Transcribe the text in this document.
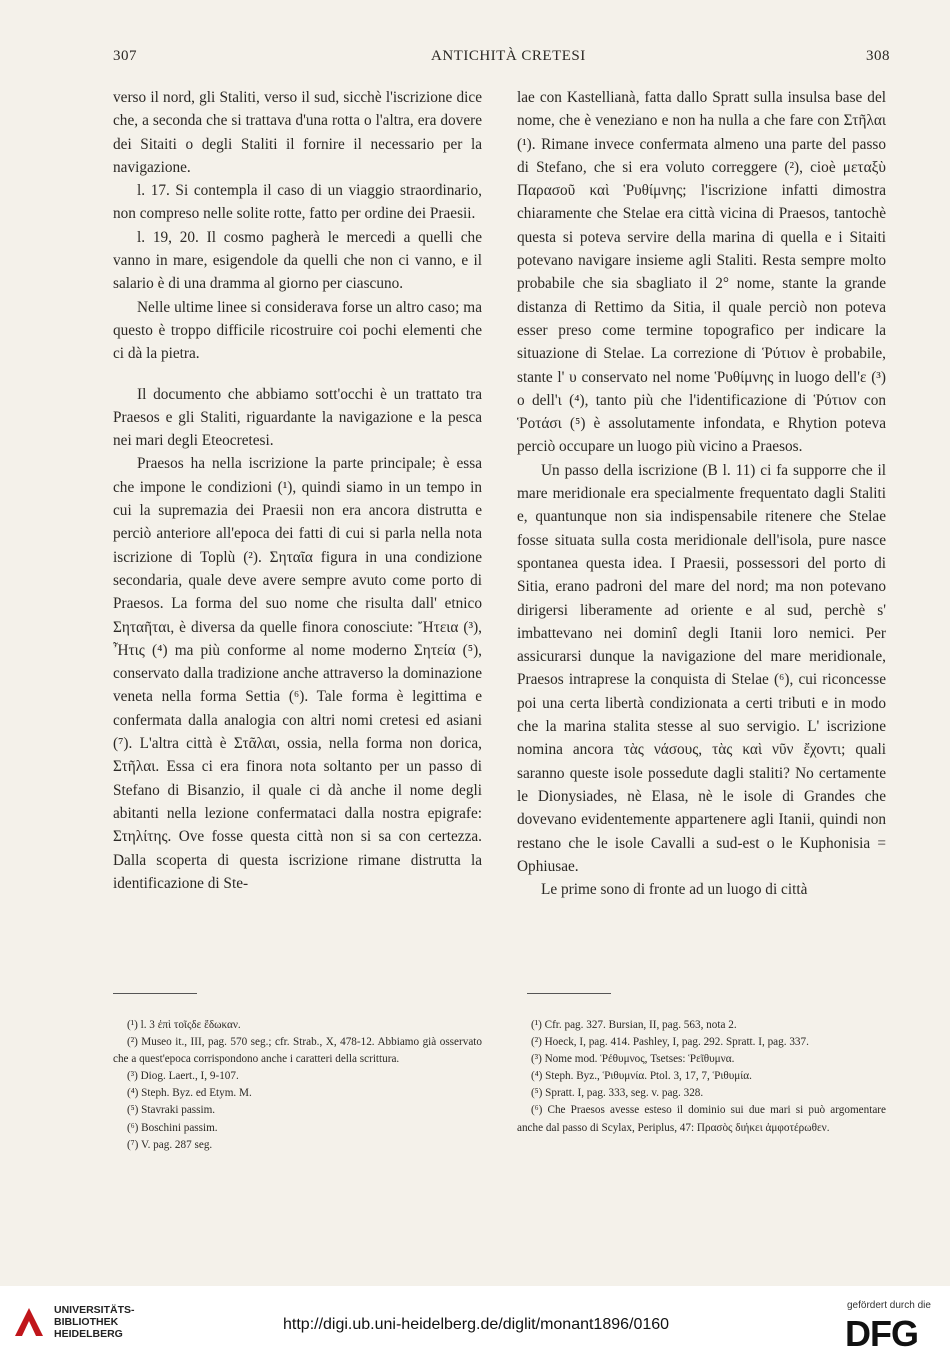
307	ANTICHITÀ CRETESI	308

verso il nord, gli Staliti, verso il sud, sicchè l'iscrizione dice che, a seconda che si trattava d'una rotta o l'altra, era dovere dei Sitaiti o degli Staliti il fornire il necessario per la navigazione.

l. 17. Si contempla il caso di un viaggio straordinario, non compreso nelle solite rotte, fatto per ordine dei Praesii.

l. 19, 20. Il cosmo pagherà le mercedi a quelli che vanno in mare, esigendole da quelli che non ci vanno, e il salario è di una dramma al giorno per ciascuno.

Nelle ultime linee si considerava forse un altro caso; ma questo è troppo difficile ricostruire coi pochi elementi che ci dà la pietra.

Il documento che abbiamo sott'occhi è un trattato tra Praesos e gli Staliti, riguardante la navigazione e la pesca nei mari degli Eteocretesi.

Praesos ha nella iscrizione la parte principale; è essa che impone le condizioni (¹), quindi siamo in un tempo in cui la supremazia dei Praesii non era ancora distrutta e perciò anteriore all'epoca dei fatti di cui si parla nella nota iscrizione di Toplù (²). Σηταῖα figura in una condizione secondaria, quale deve avere sempre avuto come porto di Praesos. La forma del suo nome che risulta dall' etnico Σηταῆται, è diversa da quelle finora conosciute: Ἤτεια (³), Ἦτις (⁴) ma più conforme al nome moderno Σητεία (⁵), conservato dalla tradizione anche attraverso la dominazione veneta nella forma Settia (⁶). Tale forma è legittima e confermata dalla analogia con altri nomi cretesi ed asiani (⁷). L'altra città è Στᾶλαι, ossia, nella forma non dorica, Στῆλαι. Essa ci era finora nota soltanto per un passo di Stefano di Bisanzio, il quale ci dà anche il nome degli abitanti nella lezione confermataci dalla nostra epigrafe: Στηλίτης. Ove fosse questa città non si sa con certezza. Dalla scoperta di questa iscrizione rimane distrutta la identificazione di Ste-

lae con Kastellianà, fatta dallo Spratt sulla insulsa base del nome, che è veneziano e non ha nulla a che fare con Στῆλαι (¹). Rimane invece confermata almeno una parte del passo di Stefano, che si era voluto correggere (²), cioè μεταξὺ Παρασοῦ καὶ Ῥυθίμνης; l'iscrizione infatti dimostra chiaramente che Stelae era città vicina di Praesos, tantochè questa si poteva servire della marina di quella e i Sitaiti potevano navigare insieme agli Staliti. Resta sempre molto probabile che sia sbagliato il 2° nome, stante la grande distanza di Rettimo da Sitia, il quale perciò non poteva esser preso come termine topografico per indicare la situazione di Stelae. La correzione di Ῥύτιον è probabile, stante l' υ conservato nel nome Ῥυθίμνης in luogo dell'ε (³) o dell'ι (⁴), tanto più che l'identificazione di Ῥύτιον con Ῥοτάσι (⁵) è assolutamente infondata, e Rhytion poteva perciò occupare un luogo più vicino a Praesos.

Un passo della iscrizione (B l. 11) ci fa supporre che il mare meridionale era specialmente frequentato dagli Staliti e, quantunque non sia indispensabile ritenere che Stelae fosse situata sulla costa meridionale dell'isola, pure nasce spontanea questa idea. I Praesii, possessori del porto di Sitia, erano padroni del mare del nord; ma non potevano dirigersi liberamente ad oriente e al sud, perchè s' imbattevano nei dominî degli Itanii loro nemici. Per assicurarsi dunque la navigazione del mare meridionale, Praesos intraprese la conquista di Stelae (⁶), cui riconcesse poi una certa libertà condizionata a certi tributi e in modo che la marina stalita stesse al suo servigio. L' iscrizione nomina ancora τὰς νάσους, τὰς καὶ νῦν ἔχοντι; quali saranno queste isole possedute dagli staliti? No certamente le Dionysiades, nè Elasa, nè le isole di Grandes che dovevano evidentemente appartenere agli Itanii, quindi non restano che le isole Cavalli a sud-est o le Kuphonisia = Ophiusae.

Le prime sono di fronte ad un luogo di città

(¹) l. 3 ἐπὶ τοῖςδε ἔδωκαν.
(²) Museo it., III, pag. 570 seg.; cfr. Strab., X, 478-12. Abbiamo già osservato che a quest'epoca corrispondono anche i caratteri della scrittura.
(³) Diog. Laert., I, 9-107.
(⁴) Steph. Byz. ed Etym. M.
(⁵) Stavraki passim.
(⁶) Boschini passim.
(⁷) V. pag. 287 seg.
(¹) Cfr. pag. 327. Bursian, II, pag. 563, nota 2.
(²) Hoeck, I, pag. 414. Pashley, I, pag. 292. Spratt. I, pag. 337.
(³) Nome mod. Ῥέθυμνος, Tsetses: Ῥεῖθυμνα.
(⁴) Steph. Byz., Ῥιθυμνία. Ptol. 3, 17, 7, Ῥιθυμία.
(⁵) Spratt. I, pag. 333, seg. v. pag. 328.
(⁶) Che Praesos avesse esteso il dominio sui due mari si può argomentare anche dal passo di Scylax, Periplus, 47: Πρασὸς διήκει ἀμφοτέρωθεν.
UNIVERSITÄTS-
BIBLIOTHEK
HEIDELBERG
http://digi.ub.uni-heidelberg.de/diglit/monant1896/0160
gefördert durch die
DFG
